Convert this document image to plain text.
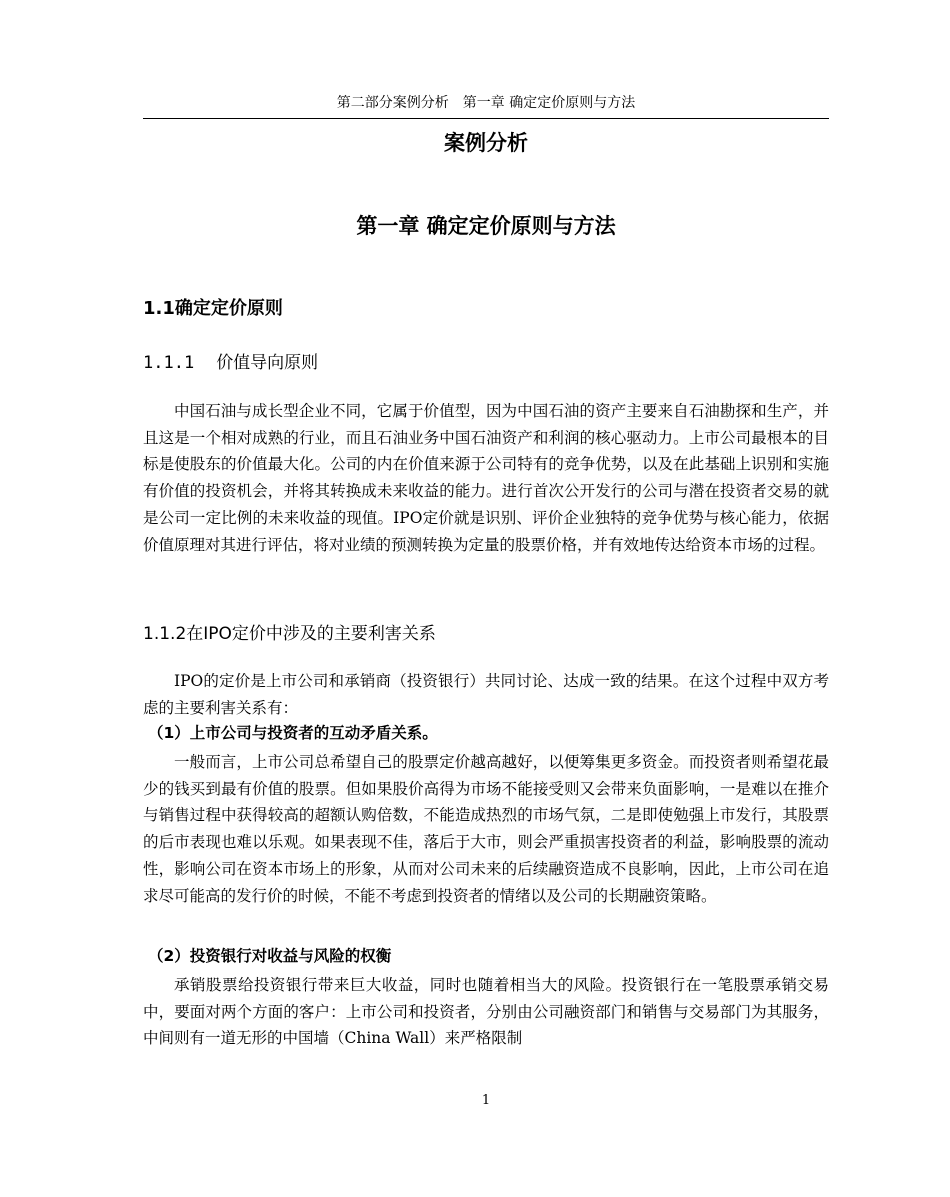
第二部分案例分析　第一章 确定定价原则与方法
案例分析
第一章 确定定价原则与方法
1.1确定定价原则
1.1.1 价值导向原则

中国石油与成长型企业不同，它属于价值型，因为中国石油的资产主要来自石油勘探和生产，并且这是一个相对成熟的行业，而且石油业务中国石油资产和利润的核心驱动力。上市公司最根本的目标是使股东的价值最大化。公司的内在价值来源于公司特有的竞争优势，以及在此基础上识别和实施有价值的投资机会，并将其转换成未来收益的能力。进行首次公开发行的公司与潜在投资者交易的就是公司一定比例的未来收益的现值。IPO定价就是识别、评价企业独特的竞争优势与核心能力，依据价值原理对其进行评估，将对业绩的预测转换为定量的股票价格，并有效地传达给资本市场的过程。

1.1.2在IPO定价中涉及的主要利害关系

IPO的定价是上市公司和承销商（投资银行）共同讨论、达成一致的结果。在这个过程中双方考虑的主要利害关系有：

（1）上市公司与投资者的互动矛盾关系。

一般而言，上市公司总希望自己的股票定价越高越好，以便筹集更多资金。而投资者则希望花最少的钱买到最有价值的股票。但如果股价高得为市场不能接受则又会带来负面影响，一是难以在推介与销售过程中获得较高的超额认购倍数，不能造成热烈的市场气氛，二是即使勉强上市发行，其股票的后市表现也难以乐观。如果表现不佳，落后于大市，则会严重损害投资者的利益，影响股票的流动性，影响公司在资本市场上的形象，从而对公司未来的后续融资造成不良影响，因此，上市公司在追求尽可能高的发行价的时候，不能不考虑到投资者的情绪以及公司的长期融资策略。

（2）投资银行对收益与风险的权衡

承销股票给投资银行带来巨大收益，同时也随着相当大的风险。投资银行在一笔股票承销交易中，要面对两个方面的客户：上市公司和投资者，分别由公司融资部门和销售与交易部门为其服务，中间则有一道无形的中国墙（China Wall）来严格限制

1
